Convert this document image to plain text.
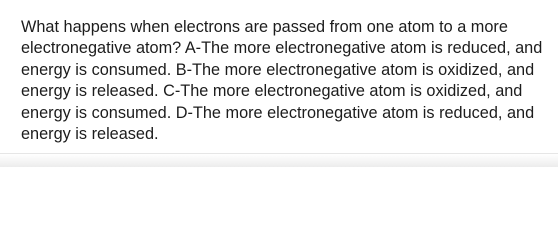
What happens when electrons are passed from one atom to a more electronegative atom? A-The more electronegative atom is reduced, and energy is consumed. B-The more electronegative atom is oxidized, and energy is released. C-The more electronegative atom is oxidized, and energy is consumed. D-The more electronegative atom is reduced, and energy is released.
